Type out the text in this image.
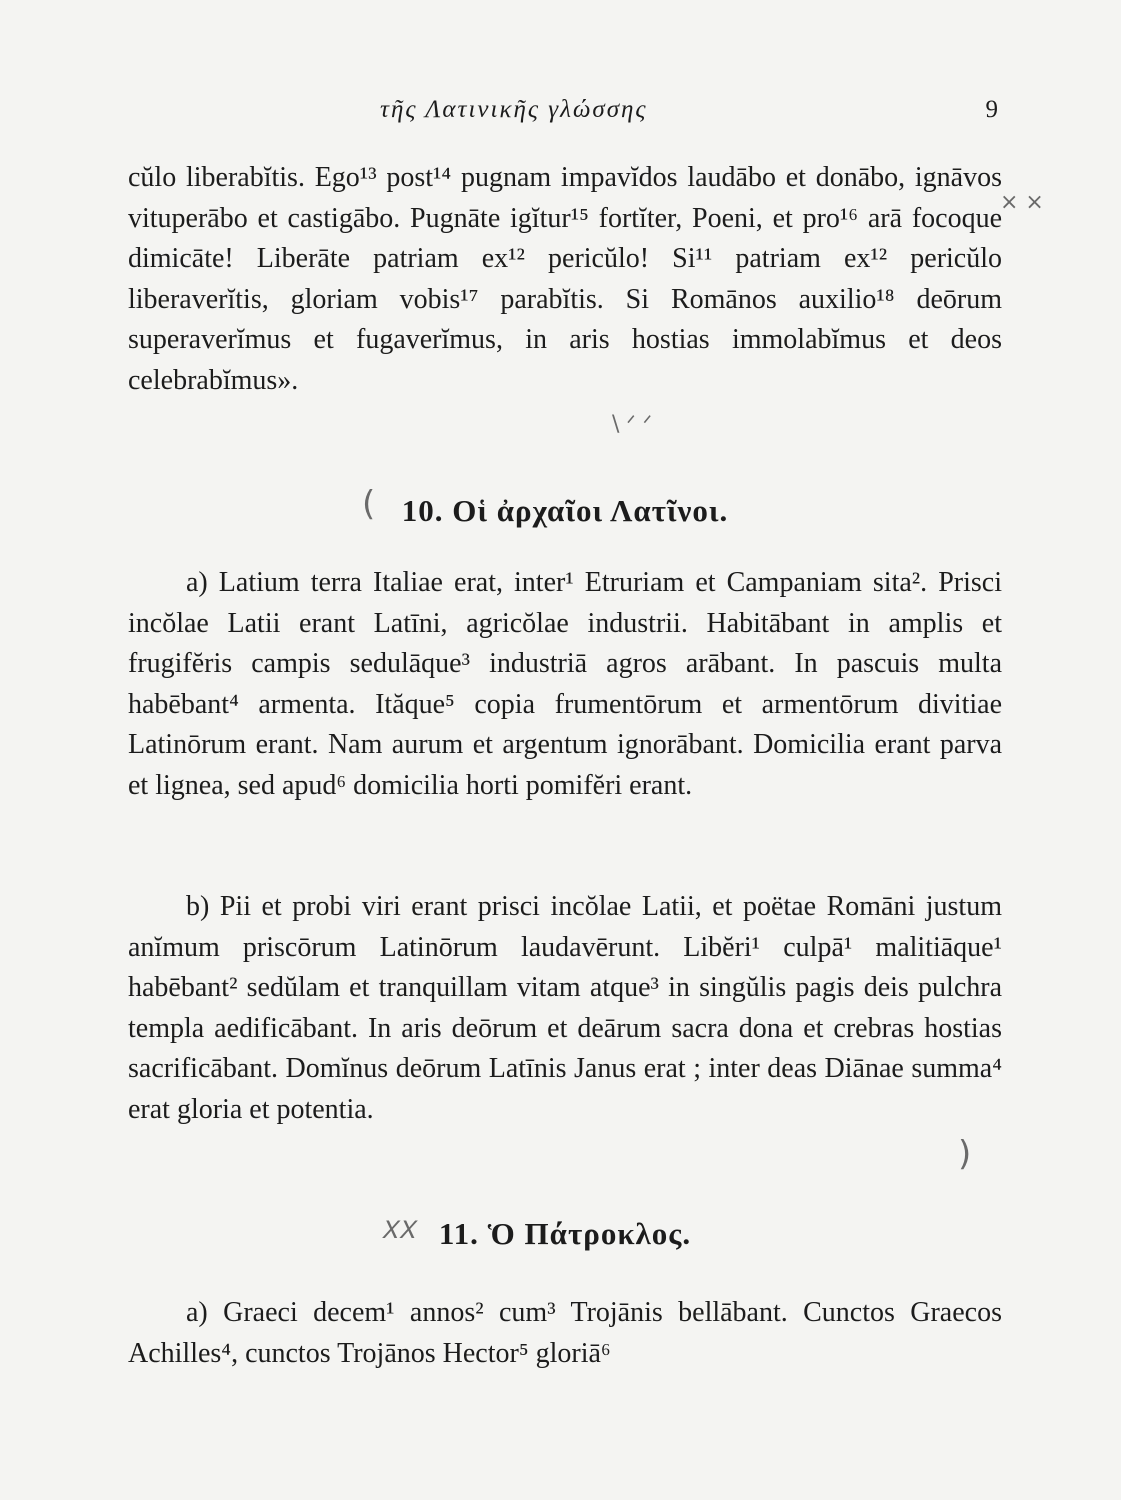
τῆς Λατινικῆς γλώσσης	9

cŭlo liberabĭtis. Ego¹³ post¹⁴ pugnam impavĭdos laudābo et donābo, ignāvos vituperābo et castigābo. Pugnāte igĭtur¹⁵ fortĭter, Poeni, et pro¹⁶ arā focoque dimicāte! Liberāte patriam ex¹² pericŭlo! Si¹¹ patriam ex¹² pericŭlo liberaverĭtis, gloriam vobis¹⁷ parabĭtis. Si Romānos auxilio¹⁸ deōrum superaverĭmus et fugaverĭmus, in aris hostias immolabĭmus et deos celebrabĭmus».

10. Οἱ ἀρχαῖοι Λατῖνοι.

a) Latium terra Italiae erat, inter¹ Etruriam et Campaniam sita². Prisci incŏlae Latii erant Latīni, agricŏlae industrii. Habitābant in amplis et frugifĕris campis sedulāque³ industriā agros arābant. In pascuis multa habēbant⁴ armenta. Ităque⁵ copia frumentōrum et armentōrum divitiae Latinōrum erant. Nam aurum et argentum ignorābant. Domicilia erant parva et lignea, sed apud⁶ domicilia horti pomifĕri erant.

b) Pii et probi viri erant prisci incŏlae Latii, et poëtae Romāni justum anĭmum priscōrum Latinōrum laudavērunt. Libĕri¹ culpā¹ malitiāque¹ habēbant² sedŭlam et tranquillam vitam atque³ in singŭlis pagis deis pulchra templa aedificābant. In aris deōrum et deārum sacra dona et crebras hostias sacrificābant. Domĭnus deōrum Latīnis Janus erat ; inter deas Diānae summa⁴ erat gloria et potentia.

11. Ὁ Πάτροκλος.

a) Graeci decem¹ annos² cum³ Trojānis bellābant. Cunctos Graecos Achilles⁴, cunctos Trojānos Hector⁵ gloriā⁶

× ×
\ ᐟ ᐟ
(
)
𝑋𝑋
